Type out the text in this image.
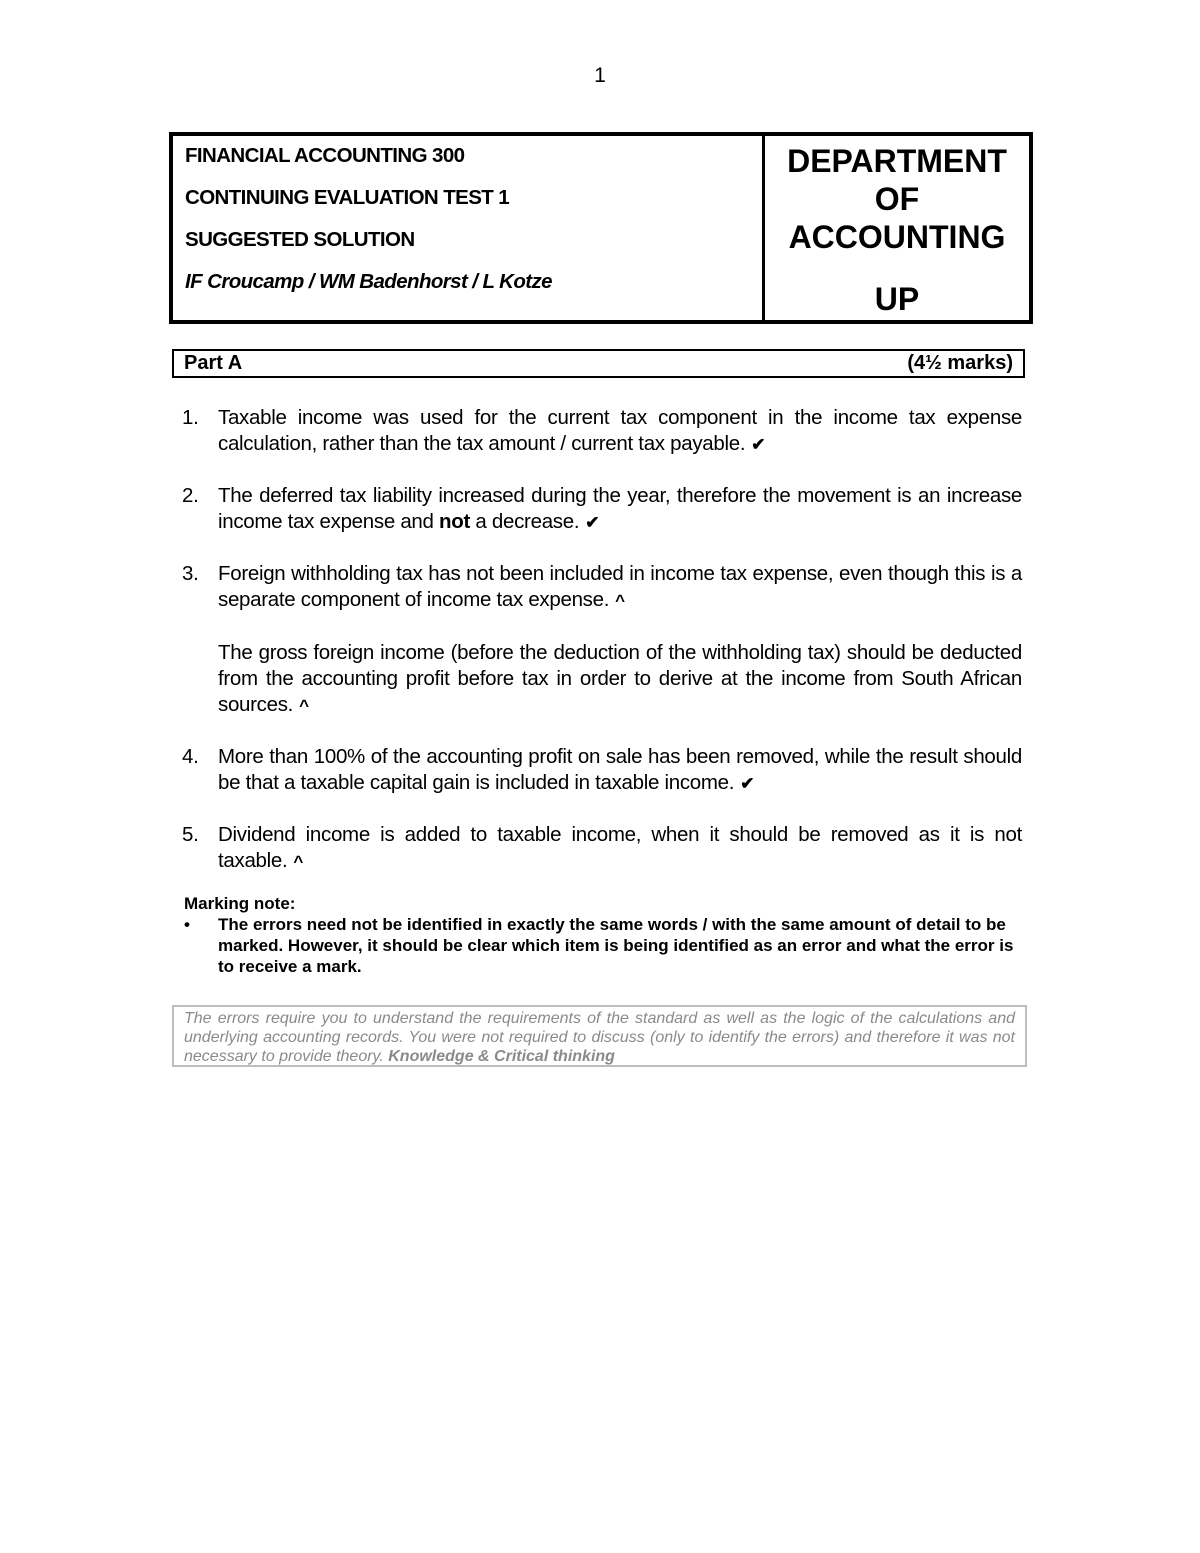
1
FINANCIAL ACCOUNTING 300
CONTINUING EVALUATION TEST 1
SUGGESTED SOLUTION
IF Croucamp / WM Badenhorst / L Kotze
DEPARTMENT
OF
ACCOUNTING
UP
Part A	(4½ marks)
1. Taxable income was used for the current tax component in the income tax expense calculation, rather than the tax amount / current tax payable. ✔

2. The deferred tax liability increased during the year, therefore the movement is an increase income tax expense and not a decrease. ✔

3. Foreign withholding tax has not been included in income tax expense, even though this is a separate component of income tax expense. ^

The gross foreign income (before the deduction of the withholding tax) should be deducted from the accounting profit before tax in order to derive at the income from South African sources. ^

4. More than 100% of the accounting profit on sale has been removed, while the result should be that a taxable capital gain is included in taxable income. ✔

5. Dividend income is added to taxable income, when it should be removed as it is not taxable. ^

Marking note:
•	The errors need not be identified in exactly the same words / with the same amount of detail to be marked. However, it should be clear which item is being identified as an error and what the error is to receive a mark.
The errors require you to understand the requirements of the standard as well as the logic of the calculations and underlying accounting records. You were not required to discuss (only to identify the errors) and therefore it was not necessary to provide theory. Knowledge & Critical thinking
